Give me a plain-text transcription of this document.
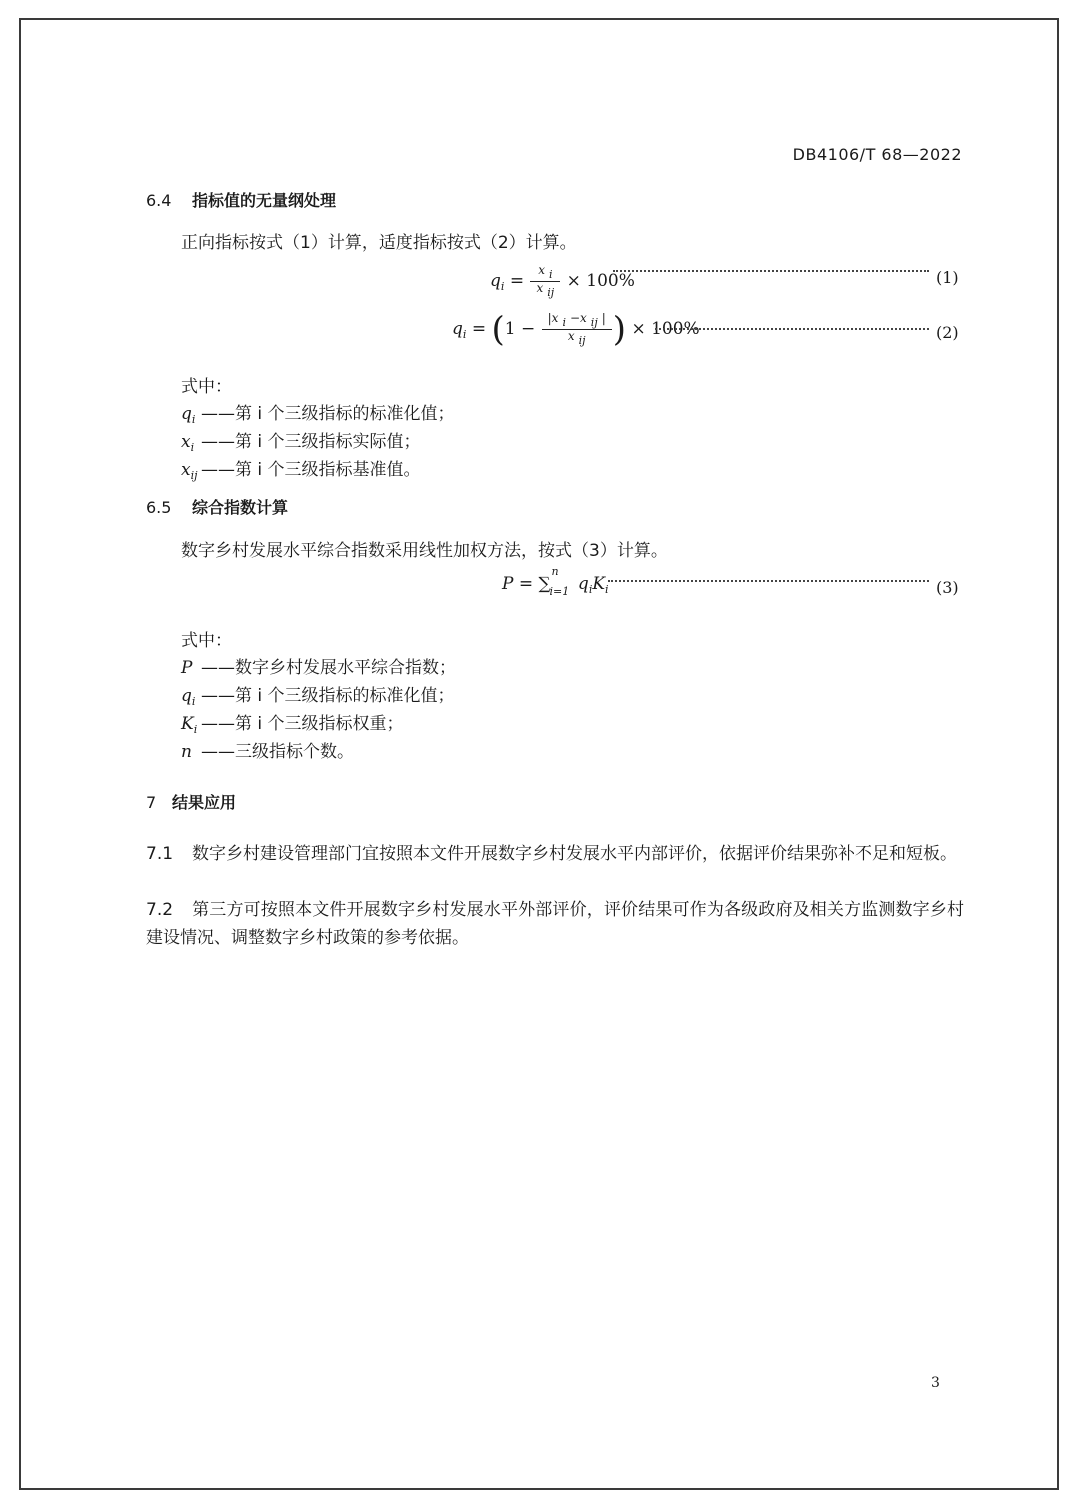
DB4106/T 68—2022
6.4 指标值的无量纲处理
正向指标按式（1）计算，适度指标按式（2）计算。
$q_i = \frac{\text{x i}}{\text{x ij}} \times 100\%$	(1)
$q_i = (1 - \frac{\text{|x i −x ij |}}{\text{x ij}}$ ) × 100%	(2)
式中：
$q_i$ ——第 i 个三级指标的标准化值；
$x_i$ ——第 i 个三级指标实际值；
$x_{ij}$ ——第 i 个三级指标基准值。
6.5 综合指数计算
数字乡村发展水平综合指数采用线性加权方法，按式（3）计算。
P = ∑
n
i=1 $q_iK_i$	(3)
式中：
P ——数字乡村发展水平综合指数；
$q_i$ ——第 i 个三级指标的标准化值；
$K_i$ ——第 i 个三级指标权重；
n ——三级指标个数。
7 结果应用
7.1 数字乡村建设管理部门宜按照本文件开展数字乡村发展水平内部评价，依据评价结果弥补不足和短板。
7.2 第三方可按照本文件开展数字乡村发展水平外部评价，评价结果可作为各级政府及相关方监测数字乡村建设情况、调整数字乡村政策的参考依据。
3
